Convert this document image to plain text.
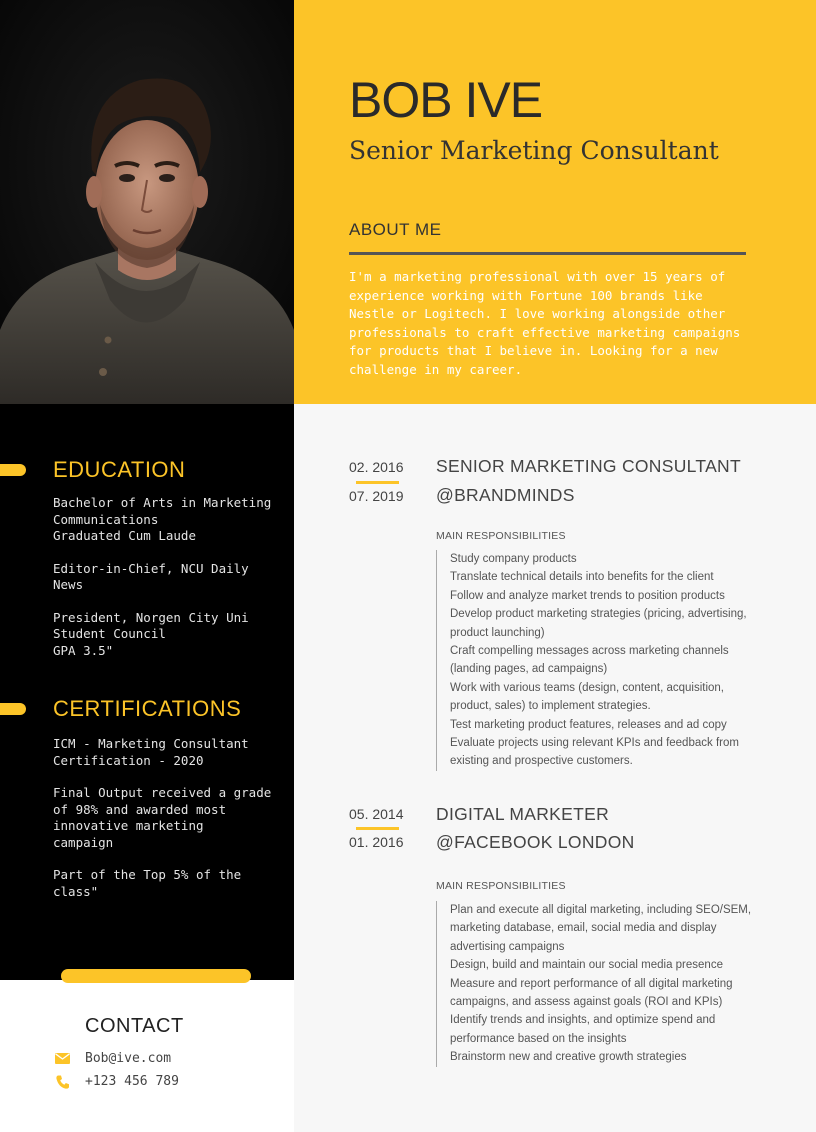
EDUCATION

Bachelor of Arts in Marketing
Communications
Graduated Cum Laude

Editor-in-Chief, NCU Daily News

President, Norgen City Uni
Student Council
GPA 3.5"

CERTIFICATIONS

ICM - Marketing Consultant
Certification - 2020

Final Output received a grade
of 98% and awarded most
innovative marketing
campaign

Part of the Top 5% of the class"

CONTACT
Bob@ive.com
+123 456 789
BOB IVE
Senior Marketing Consultant
ABOUT ME
I'm a marketing professional with over 15 years of experience working with Fortune 100 brands like Nestle or Logitech. I love working alongside other professionals to craft effective marketing campaigns for products that I believe in. Looking for a new challenge in my career.
02. 2016
07. 2019
SENIOR MARKETING CONSULTANT
@BRANDMINDS
MAIN RESPONSIBILITIES
Study company products
Translate technical details into benefits for the client
Follow and analyze market trends to position products
Develop product marketing strategies (pricing, advertising, product launching)
Craft compelling messages across marketing channels (landing pages, ad campaigns)
Work with various teams (design, content, acquisition, product, sales) to implement strategies.
Test marketing product features, releases and ad copy
Evaluate projects using relevant KPIs and feedback from existing and prospective customers.
05. 2014
01. 2016
DIGITAL MARKETER
@FACEBOOK LONDON
MAIN RESPONSIBILITIES
Plan and execute all digital marketing, including SEO/SEM, marketing database, email, social media and display advertising campaigns
Design, build and maintain our social media presence
Measure and report performance of all digital marketing campaigns, and assess against goals (ROI and KPIs)
Identify trends and insights, and optimize spend and performance based on the insights
Brainstorm new and creative growth strategies
